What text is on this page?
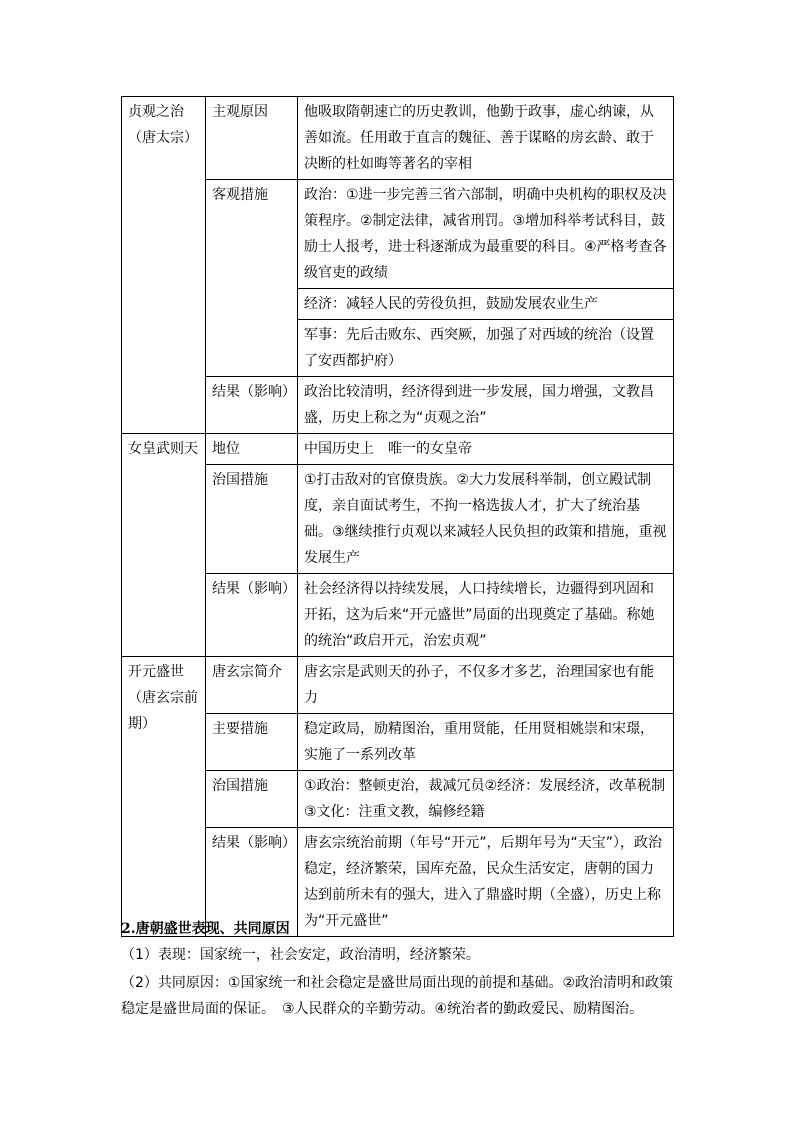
贞观之治
（唐太宗）	主观原因	他吸取隋朝速亡的历史教训，他勤于政事，虚心纳谏，从善如流。任用敢于直言的魏征、善于谋略的房玄龄、敢于决断的杜如晦等著名的宰相
	客观措施	政治：①进一步完善三省六部制，明确中央机构的职权及决策程序。②制定法律，减省刑罚。③增加科举考试科目，鼓励士人报考，进士科逐渐成为最重要的科目。④严格考查各级官吏的政绩
		经济：减轻人民的劳役负担，鼓励发展农业生产
		军事：先后击败东、西突厥，加强了对西域的统治（设置了安西都护府）
	结果（影响）	政治比较清明，经济得到进一步发展，国力增强，文教昌盛，历史上称之为“贞观之治”

女皇武则天	地位	中国历史上　唯一的女皇帝
	治国措施	①打击敌对的官僚贵族。②大力发展科举制，创立殿试制度，亲自面试考生，不拘一格选拔人才，扩大了统治基础。③继续推行贞观以来减轻人民负担的政策和措施，重视发展生产
	结果（影响）	社会经济得以持续发展，人口持续增长，边疆得到巩固和开拓，这为后来“开元盛世”局面的出现奠定了基础。称她的统治“政启开元，治宏贞观”

开元盛世
（唐玄宗前
期）	唐玄宗简介	唐玄宗是武则天的孙子，不仅多才多艺，治理国家也有能力
	主要措施	稳定政局，励精图治，重用贤能，任用贤相姚崇和宋璟，实施了一系列改革
	治国措施	①政治：整顿吏治，裁减冗员②经济：发展经济，改革税制③文化：注重文教，编修经籍
	结果（影响）	唐玄宗统治前期（年号“开元”，后期年号为“天宝”），政治稳定，经济繁荣，国库充盈，民众生活安定，唐朝的国力达到前所未有的强大，进入了鼎盛时期（全盛），历史上称为“开元盛世”
2.唐朝盛世表现、共同原因
（1）表现：国家统一，社会安定，政治清明，经济繁荣。
（2）共同原因：①国家统一和社会稳定是盛世局面出现的前提和基础。②政治清明和政策稳定是盛世局面的保证。　③人民群众的辛勤劳动。④统治者的勤政爱民、励精图治。
